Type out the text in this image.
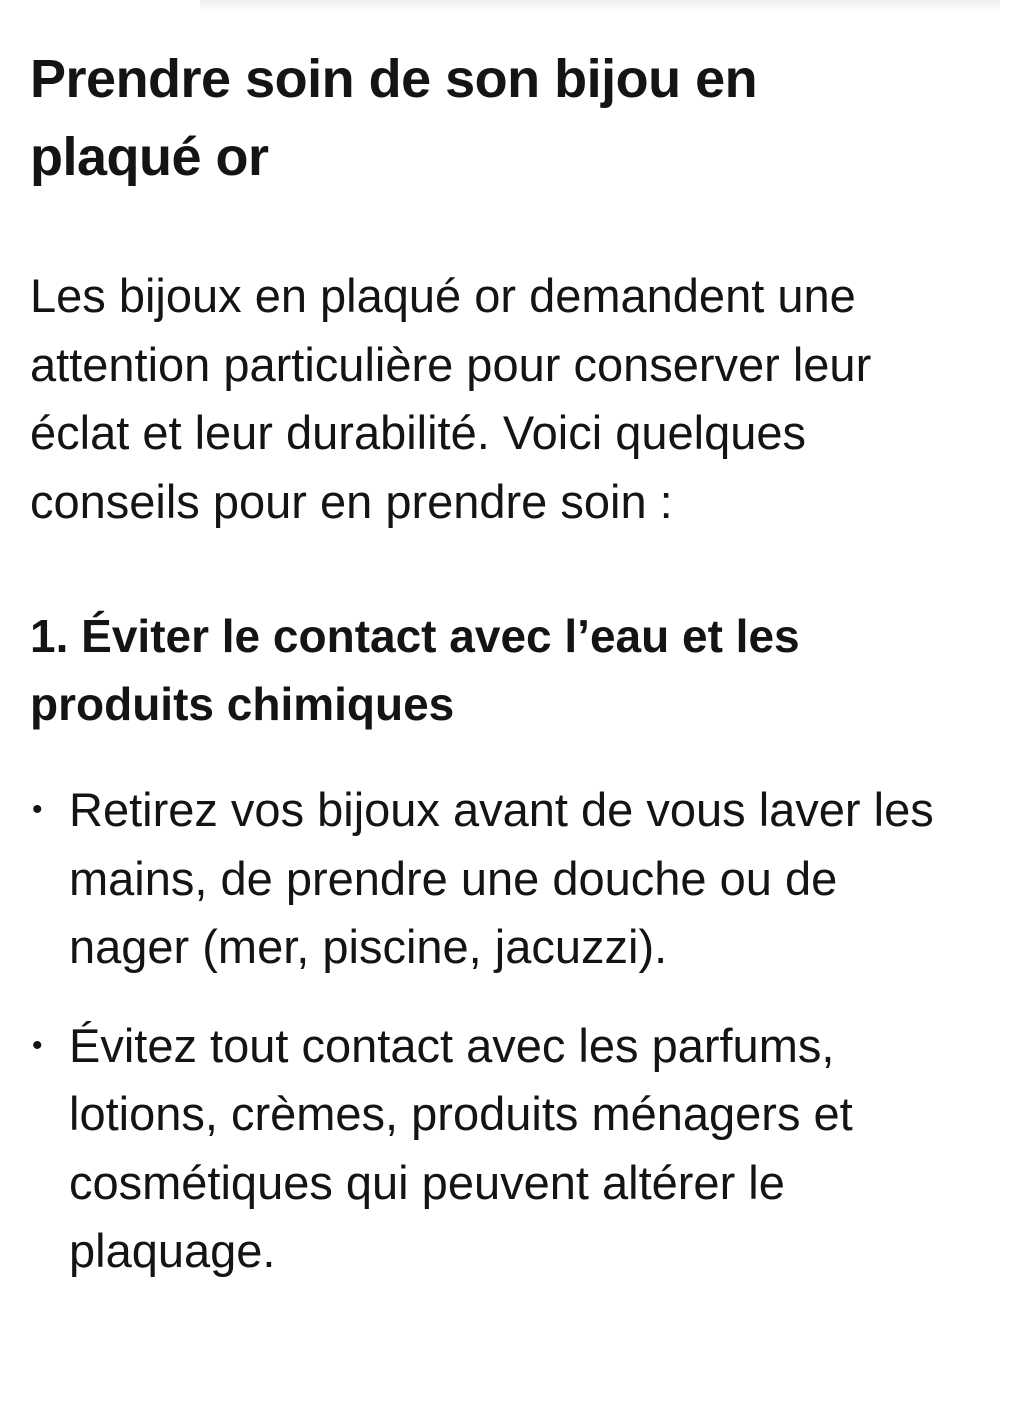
Prendre soin de son bijou en plaqué or

Les bijoux en plaqué or demandent une attention particulière pour conserver leur éclat et leur durabilité. Voici quelques conseils pour en prendre soin :

1. Éviter le contact avec l’eau et les produits chimiques
• Retirez vos bijoux avant de vous laver les mains, de prendre une douche ou de nager (mer, piscine, jacuzzi).
• Évitez tout contact avec les parfums, lotions, crèmes, produits ménagers et cosmétiques qui peuvent altérer le plaquage.
